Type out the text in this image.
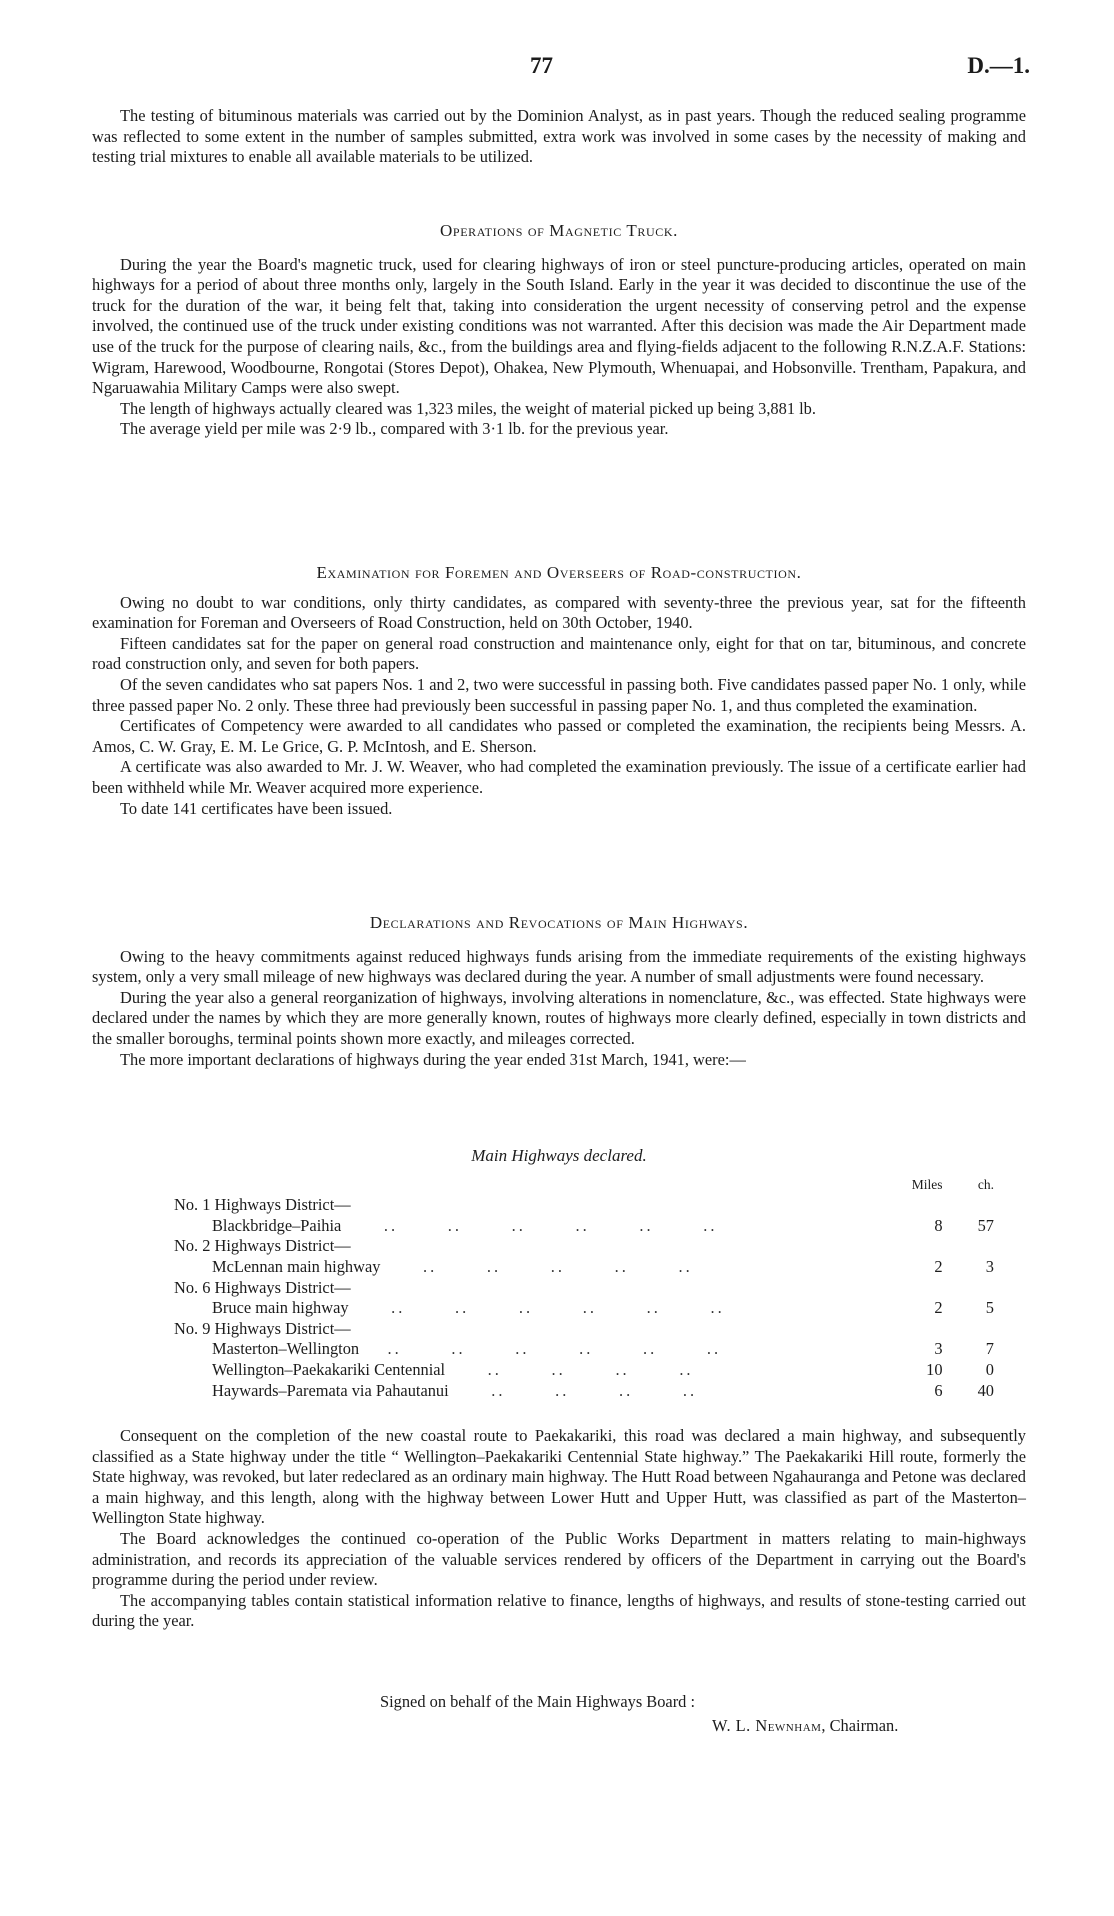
77	D.—1.

The testing of bituminous materials was carried out by the Dominion Analyst, as in past years. Though the reduced sealing programme was reflected to some extent in the number of samples submitted, extra work was involved in some cases by the necessity of making and testing trial mixtures to enable all available materials to be utilized.

Operations of Magnetic Truck.

During the year the Board's magnetic truck, used for clearing highways of iron or steel puncture-producing articles, operated on main highways for a period of about three months only, largely in the South Island. Early in the year it was decided to discontinue the use of the truck for the duration of the war, it being felt that, taking into consideration the urgent necessity of conserving petrol and the expense involved, the continued use of the truck under existing conditions was not warranted. After this decision was made the Air Department made use of the truck for the purpose of clearing nails, &c., from the buildings area and flying-fields adjacent to the following R.N.Z.A.F. Stations: Wigram, Harewood, Woodbourne, Rongotai (Stores Depot), Ohakea, New Plymouth, Whenuapai, and Hobsonville. Trentham, Papakura, and Ngaruawahia Military Camps were also swept.

The length of highways actually cleared was 1,323 miles, the weight of material picked up being 3,881 lb.

The average yield per mile was 2·9 lb., compared with 3·1 lb. for the previous year.

Examination for Foremen and Overseers of Road-construction.

Owing no doubt to war conditions, only thirty candidates, as compared with seventy-three the previous year, sat for the fifteenth examination for Foreman and Overseers of Road Construction, held on 30th October, 1940.

Fifteen candidates sat for the paper on general road construction and maintenance only, eight for that on tar, bituminous, and concrete road construction only, and seven for both papers.

Of the seven candidates who sat papers Nos. 1 and 2, two were successful in passing both. Five candidates passed paper No. 1 only, while three passed paper No. 2 only. These three had previously been successful in passing paper No. 1, and thus completed the examination.

Certificates of Competency were awarded to all candidates who passed or completed the examination, the recipients being Messrs. A. Amos, C. W. Gray, E. M. Le Grice, G. P. McIntosh, and E. Sherson.

A certificate was also awarded to Mr. J. W. Weaver, who had completed the examination previously. The issue of a certificate earlier had been withheld while Mr. Weaver acquired more experience.

To date 141 certificates have been issued.

Declarations and Revocations of Main Highways.

Owing to the heavy commitments against reduced highways funds arising from the immediate requirements of the existing highways system, only a very small mileage of new highways was declared during the year. A number of small adjustments were found necessary.

During the year also a general reorganization of highways, involving alterations in nomenclature, &c., was effected. State highways were declared under the names by which they are more generally known, routes of highways more clearly defined, especially in town districts and the smaller boroughs, terminal points shown more exactly, and mileages corrected.

The more important declarations of highways during the year ended 31st March, 1941, were:—

Main Highways declared.
	Miles	ch.
No. 1 Highways District—		
Blackbridge–Paihia      ..       ..       ..       ..       ..       ..	8	57
No. 2 Highways District—		
McLennan main highway      ..       ..       ..       ..       ..	2	3
No. 6 Highways District—		
Bruce main highway      ..       ..       ..       ..       ..       ..	2	5
No. 9 Highways District—		
Masterton–Wellington    ..       ..       ..       ..       ..       ..	3	7
Wellington–Paekakariki Centennial      ..       ..       ..       ..	10	0
Haywards–Paremata via Pahautanui      ..       ..       ..       ..	6	40

Consequent on the completion of the new coastal route to Paekakariki, this road was declared a main highway, and subsequently classified as a State highway under the title “ Wellington–Paekakariki Centennial State highway.” The Paekakariki Hill route, formerly the State highway, was revoked, but later redeclared as an ordinary main highway. The Hutt Road between Ngahauranga and Petone was declared a main highway, and this length, along with the highway between Lower Hutt and Upper Hutt, was classified as part of the Masterton–Wellington State highway.

The Board acknowledges the continued co-operation of the Public Works Department in matters relating to main-highways administration, and records its appreciation of the valuable services rendered by officers of the Department in carrying out the Board's programme during the period under review.

The accompanying tables contain statistical information relative to finance, lengths of highways, and results of stone-testing carried out during the year.

Signed on behalf of the Main Highways Board :
W. L. Newnham, Chairman.
